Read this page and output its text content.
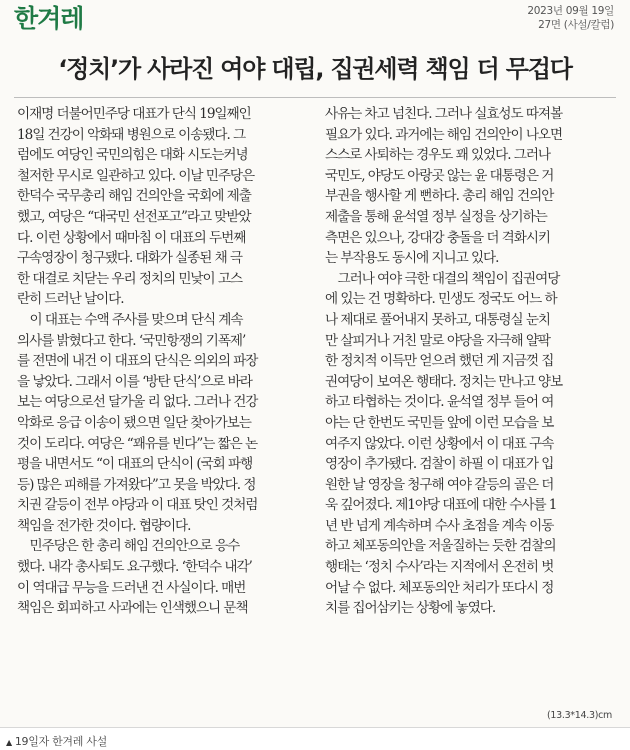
한겨레	2023년 09월 19일
27면 (사설/칼럼)
‘정치’가 사라진 여야 대립, 집권세력 책임 더 무겁다
이재명 더불어민주당 대표가 단식 19일째인
18일 건강이 악화돼 병원으로 이송됐다. 그
럼에도 여당인 국민의힘은 대화 시도는커녕
철저한 무시로 일관하고 있다. 이날 민주당은
한덕수 국무총리 해임 건의안을 국회에 제출
했고, 여당은 “대국민 선전포고”라고 맞받았
다. 이런 상황에서 때마침 이 대표의 두번째
구속영장이 청구됐다. 대화가 실종된 채 극
한 대결로 치닫는 우리 정치의 민낯이 고스
란히 드러난 날이다.
　이 대표는 수액 주사를 맞으며 단식 계속
의사를 밝혔다고 한다. ‘국민항쟁의 기폭제’
를 전면에 내건 이 대표의 단식은 의외의 파장
을 낳았다. 그래서 이를 ‘방탄 단식’으로 바라
보는 여당으로선 달가울 리 없다. 그러나 건강
악화로 응급 이송이 됐으면 일단 찾아가보는
것이 도리다. 여당은 “꽤유를 빈다”는 짧은 논
평을 내면서도 “이 대표의 단식이 (국회 파행
등) 많은 피해를 가져왔다”고 못을 박았다. 정
치권 갈등이 전부 야당과 이 대표 탓인 것처럼
책임을 전가한 것이다. 협량이다.
　민주당은 한 총리 해임 건의안으로 응수
했다. 내각 총사퇴도 요구했다. ‘한덕수 내각’
이 역대급 무능을 드러낸 건 사실이다. 매번
책임은 회피하고 사과에는 인색했으니 문책
사유는 차고 넘친다. 그러나 실효성도 따져볼
필요가 있다. 과거에는 해임 건의안이 나오면
스스로 사퇴하는 경우도 꽤 있었다. 그러나
국민도, 야당도 아랑곳 않는 윤 대통령은 거
부권을 행사할 게 뻔하다. 총리 해임 건의안
제출을 통해 윤석열 정부 실정을 상기하는
측면은 있으나, 강대강 충돌을 더 격화시키
는 부작용도 동시에 지니고 있다.
　그러나 여야 극한 대결의 책임이 집권여당
에 있는 건 명확하다. 민생도 정국도 어느 하
나 제대로 풀어내지 못하고, 대통령실 눈치
만 살피거나 거친 말로 야당을 자극해 얄팍
한 정치적 이득만 얻으려 했던 게 지금껏 집
권여당이 보여온 행태다. 정치는 만나고 양보
하고 타협하는 것이다. 윤석열 정부 들어 여
야는 단 한번도 국민들 앞에 이런 모습을 보
여주지 않았다. 이런 상황에서 이 대표 구속
영장이 추가됐다. 검찰이 하필 이 대표가 입
원한 날 영장을 청구해 여야 갈등의 골은 더
욱 깊어졌다. 제1야당 대표에 대한 수사를 1
년 반 넘게 계속하며 수사 초점을 계속 이동
하고 체포동의안을 저울질하는 듯한 검찰의
행태는 ‘정치 수사’라는 지적에서 온전히 벗
어날 수 없다. 체포동의안 처리가 또다시 정
치를 집어삼키는 상황에 놓였다.
(13.3*14.3)cm
▲ 19일자 한겨레 사설
